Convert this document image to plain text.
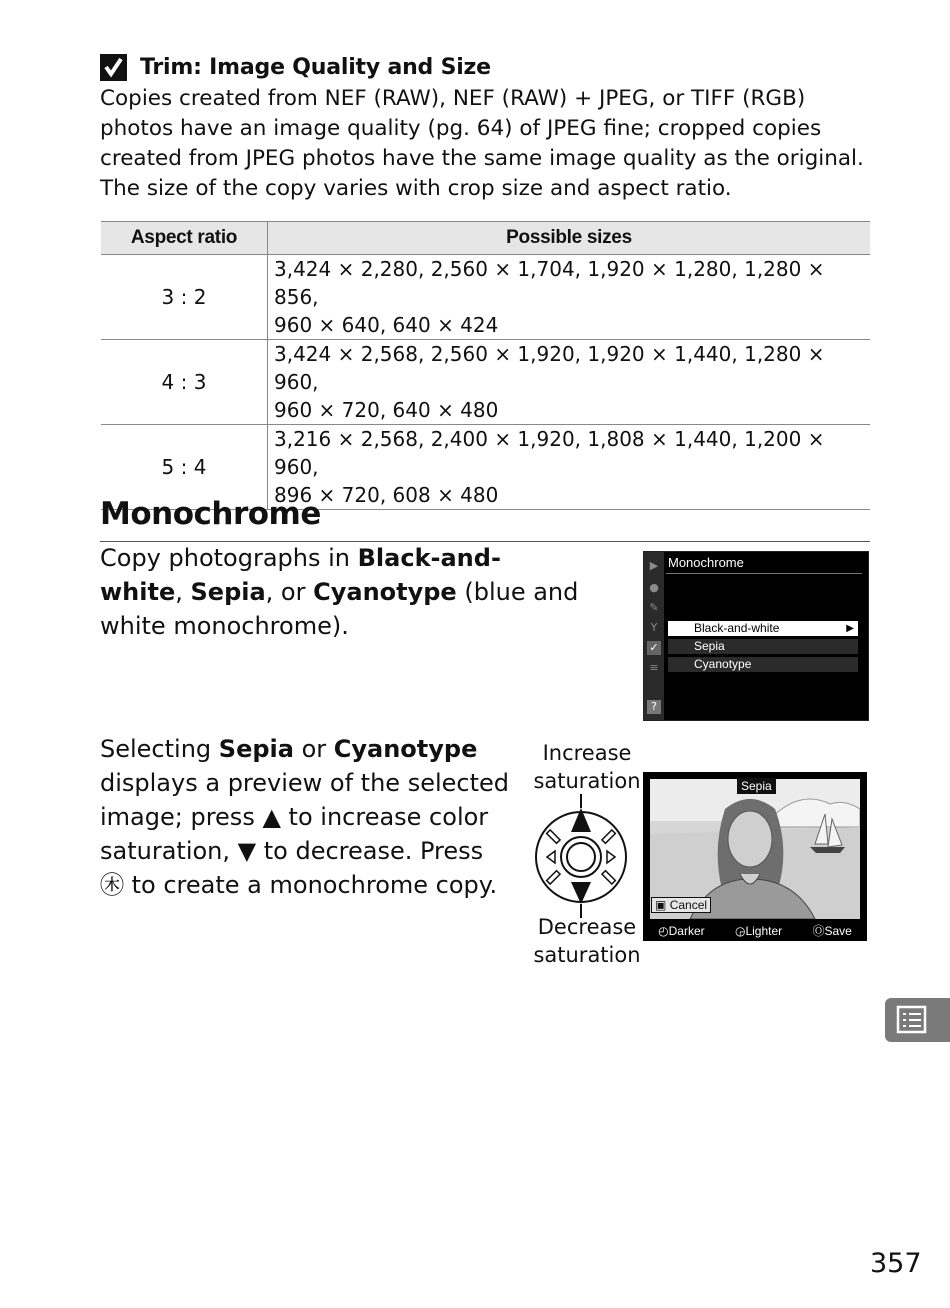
Trim: Image Quality and Size

Copies created from NEF (RAW), NEF (RAW) + JPEG, or TIFF (RGB) photos have an image quality (pg. 64) of JPEG fine; cropped copies created from JPEG photos have the same image quality as the original. The size of the copy varies with crop size and aspect ratio.

Aspect ratio	Possible sizes
3 : 2	3,424 × 2,280, 2,560 × 1,704, 1,920 × 1,280, 1,280 × 856,
960 × 640, 640 × 424

4 : 3	3,424 × 2,568, 2,560 × 1,920, 1,920 × 1,440, 1,280 × 960,
960 × 720, 640 × 480

5 : 4	3,216 × 2,568, 2,400 × 1,920, 1,808 × 1,440, 1,200 × 960,
896 × 720, 608 × 480
Monochrome

Copy photographs in Black-and-white, Sepia, or Cyanotype (blue and white monochrome).

▶
●
✎
Y
✓
≡
?
Monochrome
Black-and-white	▶
Sepia
Cyanotype

Selecting Sepia or Cyanotype displays a preview of the selected image; press ▲ to increase color saturation, ▼ to decrease. Press ㊍ to create a monochrome copy.

Increase saturation
Decrease saturation
Sepia
▣ Cancel
◴Darker	◶Lighter	ⓄSave
357
